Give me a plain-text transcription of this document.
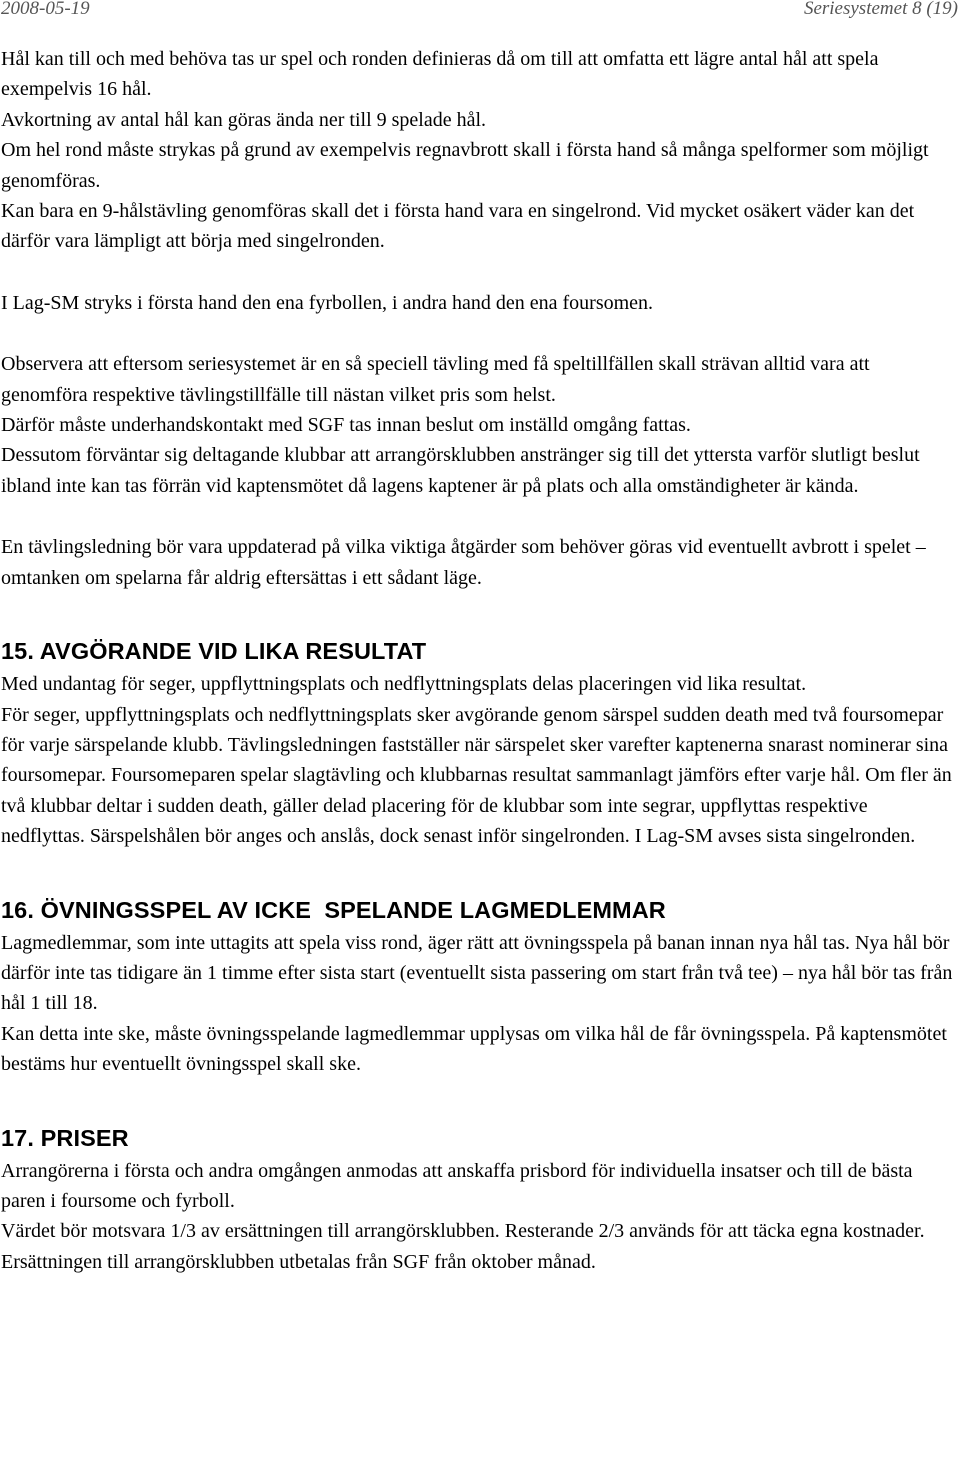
2008-05-19	Seriesystemet 8 (19)

Hål kan till och med behöva tas ur spel och ronden definieras då om till att omfatta ett lägre antal hål att spela exempelvis 16 hål.

Avkortning av antal hål kan göras ända ner till 9 spelade hål.

Om hel rond måste strykas på grund av exempelvis regnavbrott skall i första hand så många spelformer som möjligt genomföras.

Kan bara en 9-hålstävling genomföras skall det i första hand vara en singelrond. Vid mycket osäkert väder kan det därför vara lämpligt att börja med singelronden.

I Lag-SM stryks i första hand den ena fyrbollen, i andra hand den ena foursomen.

Observera att eftersom seriesystemet är en så speciell tävling med få speltillfällen skall strävan alltid vara att genomföra respektive tävlingstillfälle till nästan vilket pris som helst.

Därför måste underhandskontakt med SGF tas innan beslut om inställd omgång fattas.

Dessutom förväntar sig deltagande klubbar att arrangörsklubben anstränger sig till det yttersta varför slutligt beslut ibland inte kan tas förrän vid kaptensmötet då lagens kaptener är på plats och alla omständigheter är kända.

En tävlingsledning bör vara uppdaterad på vilka viktiga åtgärder som behöver göras vid eventuellt avbrott i spelet – omtanken om spelarna får aldrig eftersättas i ett sådant läge.

15. AVGÖRANDE VID LIKA RESULTAT

Med undantag för seger, uppflyttningsplats och nedflyttningsplats delas placeringen vid lika resultat.

För seger, uppflyttningsplats och nedflyttningsplats sker avgörande genom särspel sudden death med två foursomepar för varje särspelande klubb. Tävlingsledningen fastställer när särspelet sker varefter kaptenerna snarast nominerar sina foursomepar. Foursomeparen spelar slagtävling och klubbarnas resultat sammanlagt jämförs efter varje hål. Om fler än två klubbar deltar i sudden death, gäller delad placering för de klubbar som inte segrar, uppflyttas respektive nedflyttas. Särspelshålen bör anges och anslås, dock senast inför singelronden. I Lag-SM avses sista singelronden.

16. ÖVNINGSSPEL AV ICKE  SPELANDE LAGMEDLEMMAR

Lagmedlemmar, som inte uttagits att spela viss rond, äger rätt att övningsspela på banan innan nya hål tas. Nya hål bör därför inte tas tidigare än 1 timme efter sista start (eventuellt sista passering om start från två tee) – nya hål bör tas från hål 1 till 18.

Kan detta inte ske, måste övningsspelande lagmedlemmar upplysas om vilka hål de får övningsspela. På kaptensmötet bestäms hur eventuellt övningsspel skall ske.

17. PRISER

Arrangörerna i första och andra omgången anmodas att anskaffa prisbord för individuella insatser och till de bästa paren i foursome och fyrboll.

Värdet bör motsvara 1/3 av ersättningen till arrangörsklubben. Resterande 2/3 används för att täcka egna kostnader.

Ersättningen till arrangörsklubben utbetalas från SGF från oktober månad.
